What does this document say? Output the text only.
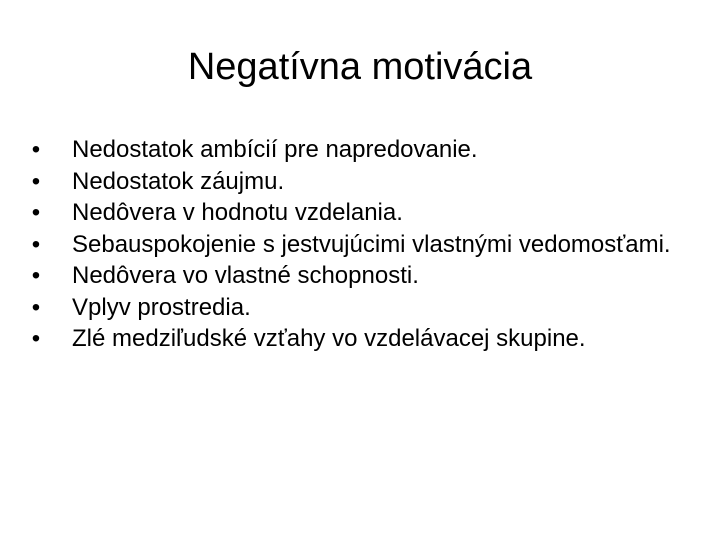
Negatívna motivácia
• Nedostatok ambícií pre napredovanie.
• Nedostatok záujmu.
• Nedôvera v hodnotu vzdelania.
• Sebauspokojenie s jestvujúcimi vlastnými vedomosťami.
• Nedôvera vo vlastné schopnosti.
• Vplyv prostredia.
• Zlé medziľudské vzťahy vo vzdelávacej skupine.
